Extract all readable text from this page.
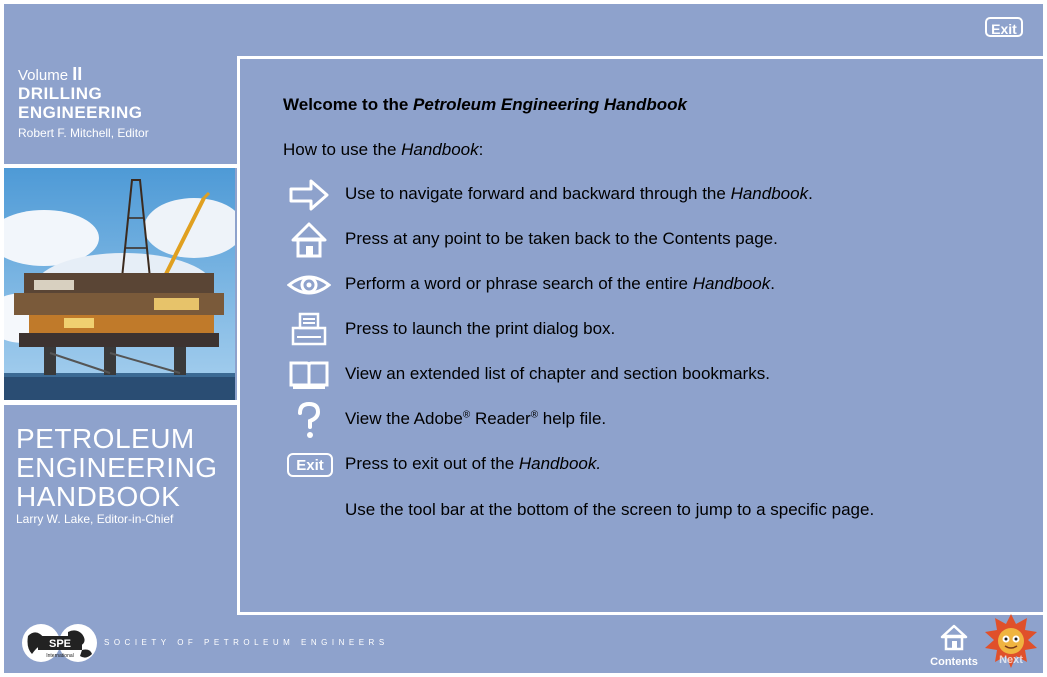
Exit
Volume II
DRILLING
ENGINEERING
Robert F. Mitchell, Editor
PETROLEUM
ENGINEERING
HANDBOOK
Larry W. Lake, Editor-in-Chief
Welcome to the Petroleum Engineering Handbook
How to use the Handbook:
Use to navigate forward and backward through the Handbook.
Press at any point to be taken back to the Contents page.
Perform a word or phrase search of the entire Handbook.
Press to launch the print dialog box.
View an extended list of chapter and section bookmarks.
View the Adobe® Reader® help file.
Exit	Press to exit out of the Handbook.
Use the tool bar at the bottom of the screen to jump to a specific page.
SPE
International
SOCIETY OF PETROLEUM ENGINEERS
Contents	Next
